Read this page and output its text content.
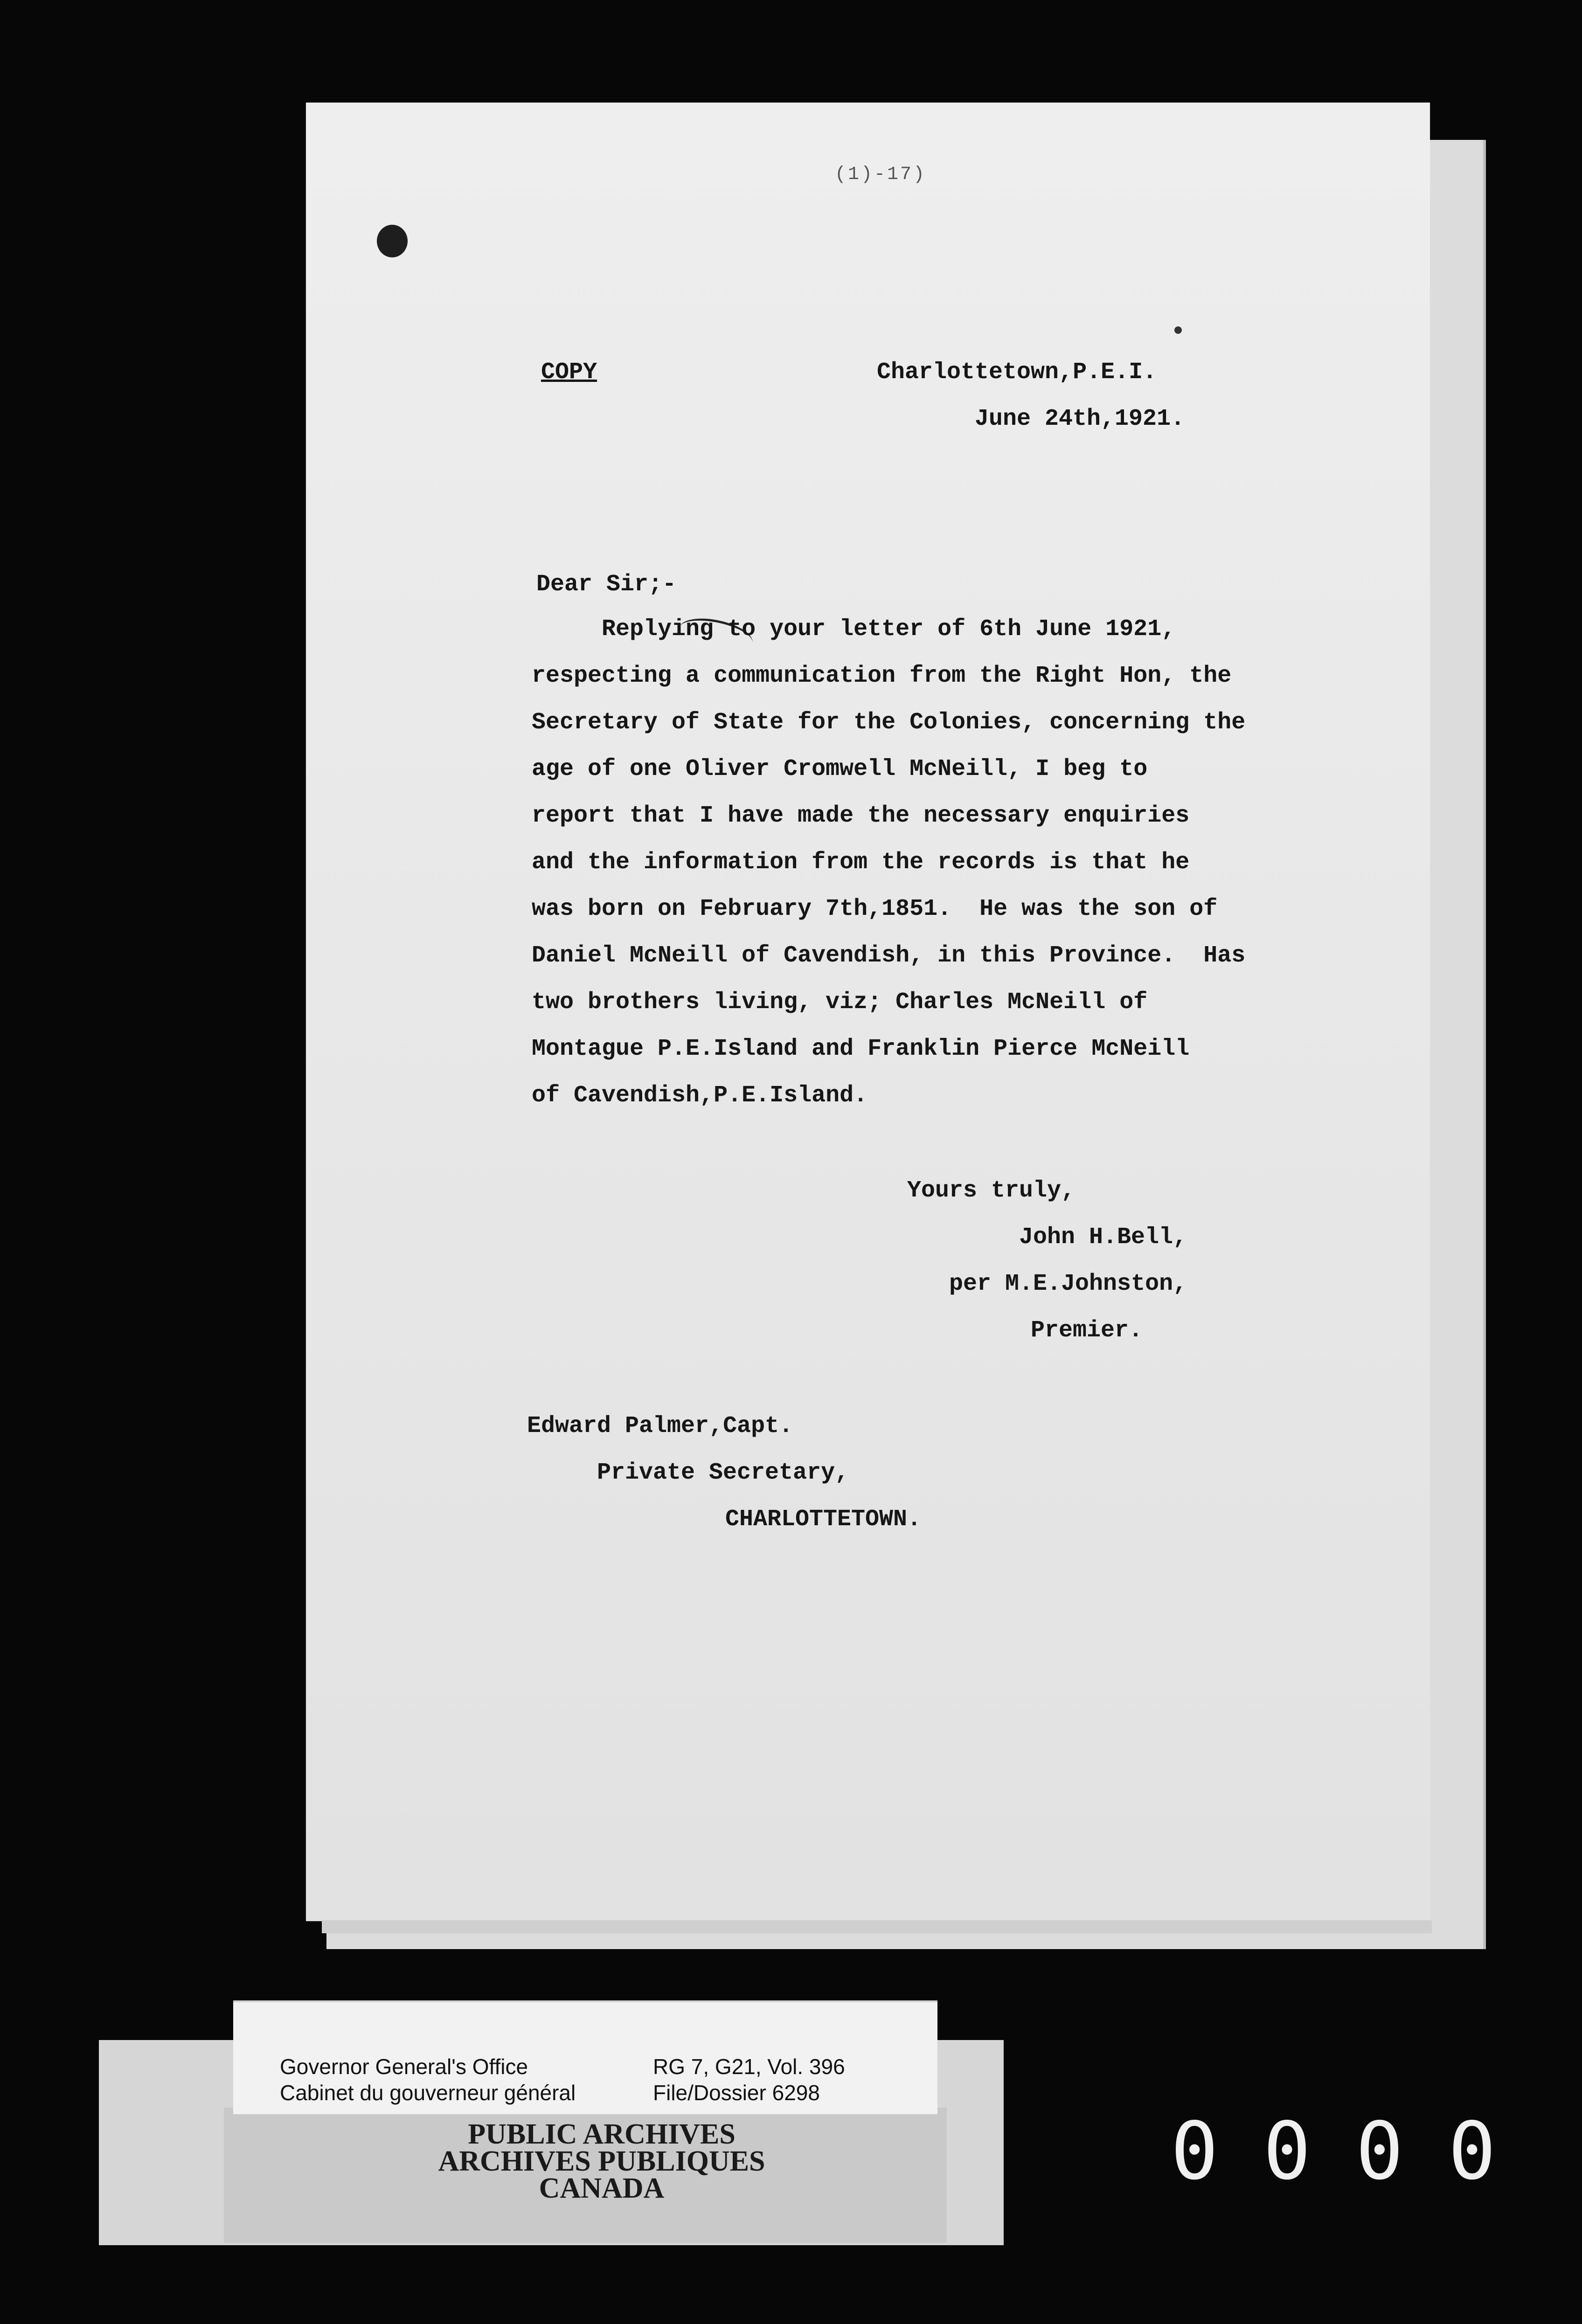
(1)-17)
COPY	Charlottetown,P.E.I.
June 24th,1921.
Dear Sir;-
Replying to your letter of 6th June 1921,
respecting a communication from the Right Hon, the
Secretary of State for the Colonies, concerning the
age of one Oliver Cromwell McNeill, I beg to
report that I have made the necessary enquiries
and the information from the records is that he
was born on February 7th,1851.  He was the son of
Daniel McNeill of Cavendish, in this Province.  Has
two brothers living, viz; Charles McNeill of
Montague P.E.Island and Franklin Pierce McNeill
of Cavendish,P.E.Island.
Yours truly,
John H.Bell,
per M.E.Johnston,
Premier.
Edward Palmer,Capt.
Private Secretary,
CHARLOTTETOWN.
Governor General's Office
Cabinet du gouverneur général
RG 7, G21, Vol. 396
File/Dossier 6298
PUBLIC ARCHIVES
ARCHIVES PUBLIQUES
CANADA	0 0 0 0
